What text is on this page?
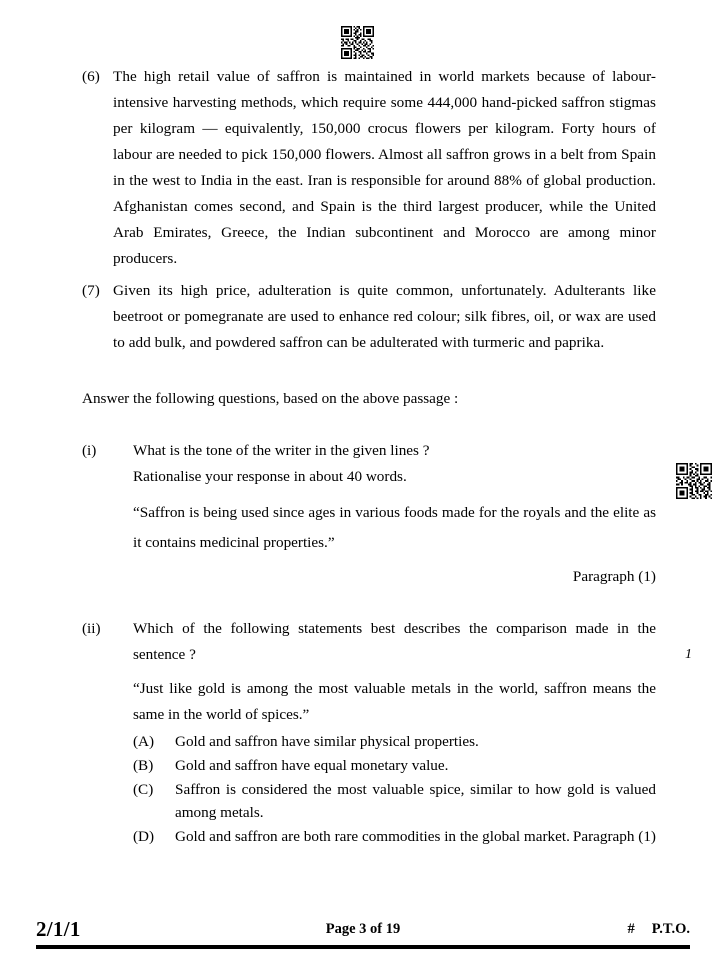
(6) The high retail value of saffron is maintained in world markets because of labour-intensive harvesting methods, which require some 444,000 hand-picked saffron stigmas per kilogram — equivalently, 150,000 crocus flowers per kilogram. Forty hours of labour are needed to pick 150,000 flowers. Almost all saffron grows in a belt from Spain in the west to India in the east. Iran is responsible for around 88% of global production. Afghanistan comes second, and Spain is the third largest producer, while the United Arab Emirates, Greece, the Indian subcontinent and Morocco are among minor producers.

(7) Given its high price, adulteration is quite common, unfortunately. Adulterants like beetroot or pomegranate are used to enhance red colour; silk fibres, oil, or wax are used to add bulk, and powdered saffron can be adulterated with turmeric and paprika.

Answer the following questions, based on the above passage :

(i)	What is the tone of the writer in the given lines ?
Rationalise your response in about 40 words.
“Saffron is being used since ages in various foods made for the royals and the elite as it contains medicinal properties.”
Paragraph (1)
(ii)	Which of the following statements best describes the comparison made in the sentence ?	1
“Just like gold is among the most valuable metals in the world, saffron means the same in the world of spices.”
(A)	Gold and saffron have similar physical properties.
(B)	Gold and saffron have equal monetary value.
(C)	Saffron is considered the most valuable spice, similar to how gold is valued among metals.
(D)	Gold and saffron are both rare commodities in the global market. Paragraph (1)
2/1/1	Page 3 of 19	# P.T.O.
